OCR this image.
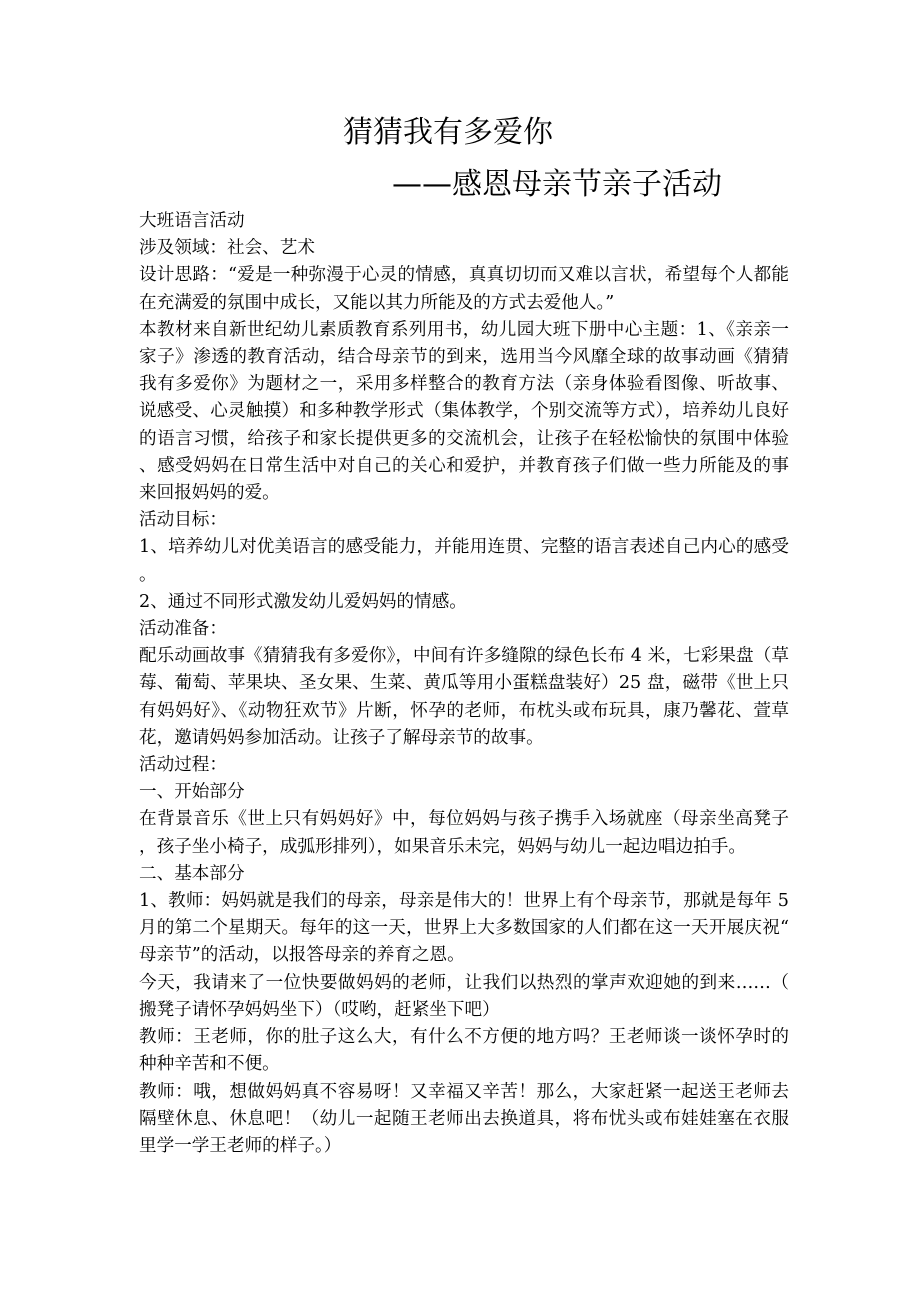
猜猜我有多爱你
——感恩母亲节亲子活动

大班语言活动

涉及领域：社会、艺术

设计思路：“爱是一种弥漫于心灵的情感，真真切切而又难以言状，希望每个人都能在充满爱的氛围中成长，又能以其力所能及的方式去爱他人。”

本教材来自新世纪幼儿素质教育系列用书，幼儿园大班下册中心主题：1、《亲亲一家子》渗透的教育活动，结合母亲节的到来，选用当今风靡全球的故事动画《猜猜我有多爱你》为题材之一，采用多样整合的教育方法（亲身体验看图像、听故事、说感受、心灵触摸）和多种教学形式（集体教学，个别交流等方式），培养幼儿良好的语言习惯，给孩子和家长提供更多的交流机会，让孩子在轻松愉快的氛围中体验、感受妈妈在日常生活中对自己的关心和爱护，并教育孩子们做一些力所能及的事来回报妈妈的爱。

活动目标：

1、培养幼儿对优美语言的感受能力，并能用连贯、完整的语言表述自己内心的感受。

2、通过不同形式激发幼儿爱妈妈的情感。

活动准备：

配乐动画故事《猜猜我有多爱你》，中间有许多缝隙的绿色长布 4 米，七彩果盘（草莓、葡萄、苹果块、圣女果、生菜、黄瓜等用小蛋糕盘装好）25 盘，磁带《世上只有妈妈好》、《动物狂欢节》片断，怀孕的老师，布枕头或布玩具，康乃馨花、萱草花，邀请妈妈参加活动。让孩子了解母亲节的故事。

活动过程：

一、开始部分

在背景音乐《世上只有妈妈好》中，每位妈妈与孩子携手入场就座（母亲坐高凳子，孩子坐小椅子，成弧形排列），如果音乐未完，妈妈与幼儿一起边唱边拍手。

二、基本部分

1、教师：妈妈就是我们的母亲，母亲是伟大的！世界上有个母亲节，那就是每年 5 月的第二个星期天。每年的这一天，世界上大多数国家的人们都在这一天开展庆祝“母亲节”的活动，以报答母亲的养育之恩。

今天，我请来了一位快要做妈妈的老师，让我们以热烈的掌声欢迎她的到来……（搬凳子请怀孕妈妈坐下）（哎哟，赶紧坐下吧）

教师：王老师，你的肚子这么大，有什么不方便的地方吗？王老师谈一谈怀孕时的种种辛苦和不便。

教师：哦，想做妈妈真不容易呀！又幸福又辛苦！那么，大家赶紧一起送王老师去隔壁休息、休息吧！（幼儿一起随王老师出去换道具，将布忧头或布娃娃塞在衣服里学一学王老师的样子。）
